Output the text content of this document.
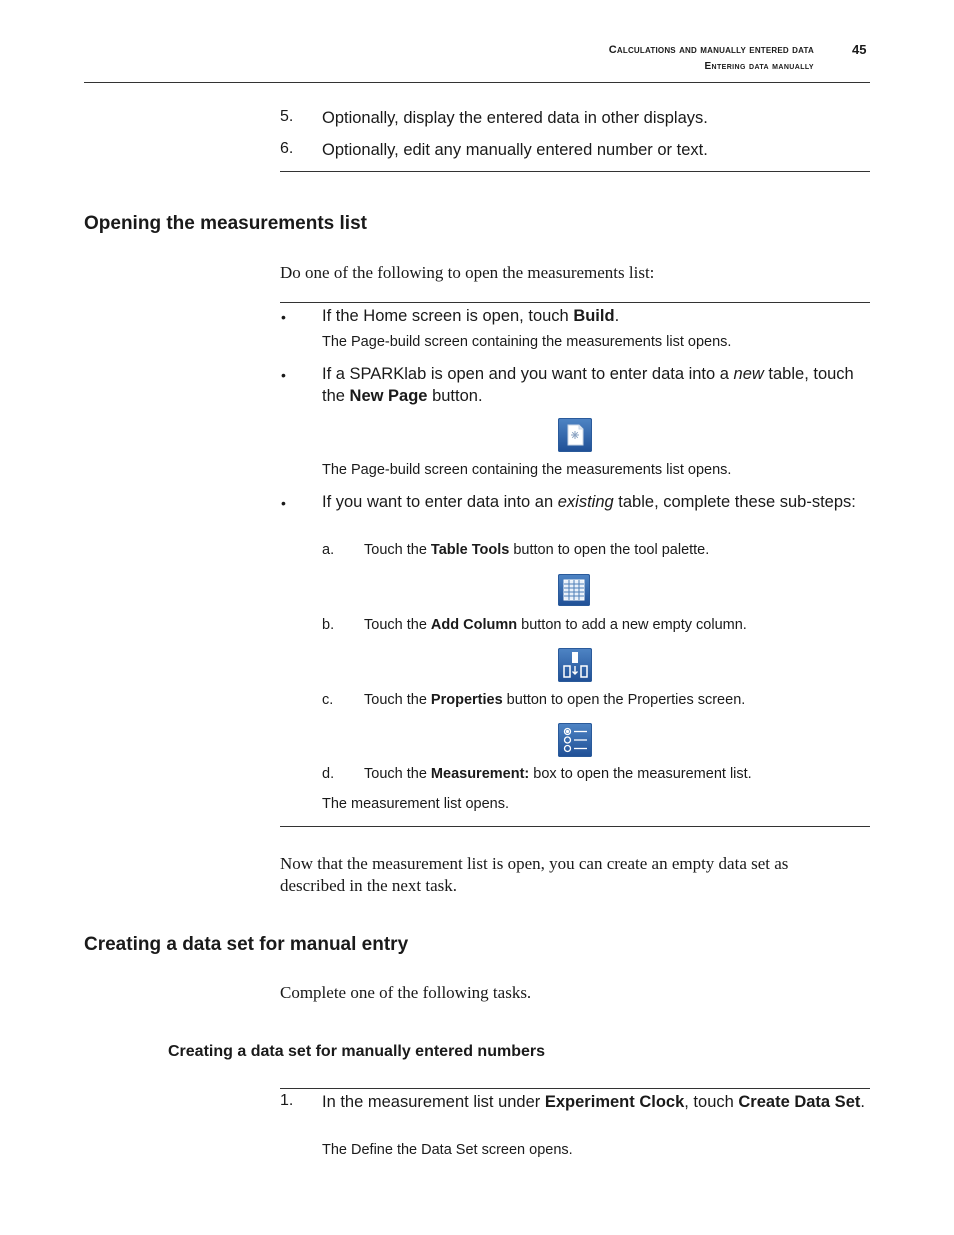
Calculations and manually entered data
Entering data manually
45
5. Optionally, display the entered data in other displays.
6. Optionally, edit any manually entered number or text.
Opening the measurements list
Do one of the following to open the measurements list:
• If the Home screen is open, touch Build.
The Page-build screen containing the measurements list opens.
• If a SPARKlab is open and you want to enter data into a new table, touch the New Page button.
The Page-build screen containing the measurements list opens.
• If you want to enter data into an existing table, complete these sub-steps:
a. Touch the Table Tools button to open the tool palette.
b. Touch the Add Column button to add a new empty column.
c. Touch the Properties button to open the Properties screen.
d. Touch the Measurement: box to open the measurement list.
The measurement list opens.
Now that the measurement list is open, you can create an empty data set as described in the next task.
Creating a data set for manual entry
Complete one of the following tasks.
Creating a data set for manually entered numbers
1. In the measurement list under Experiment Clock, touch Create Data Set.
The Define the Data Set screen opens.
